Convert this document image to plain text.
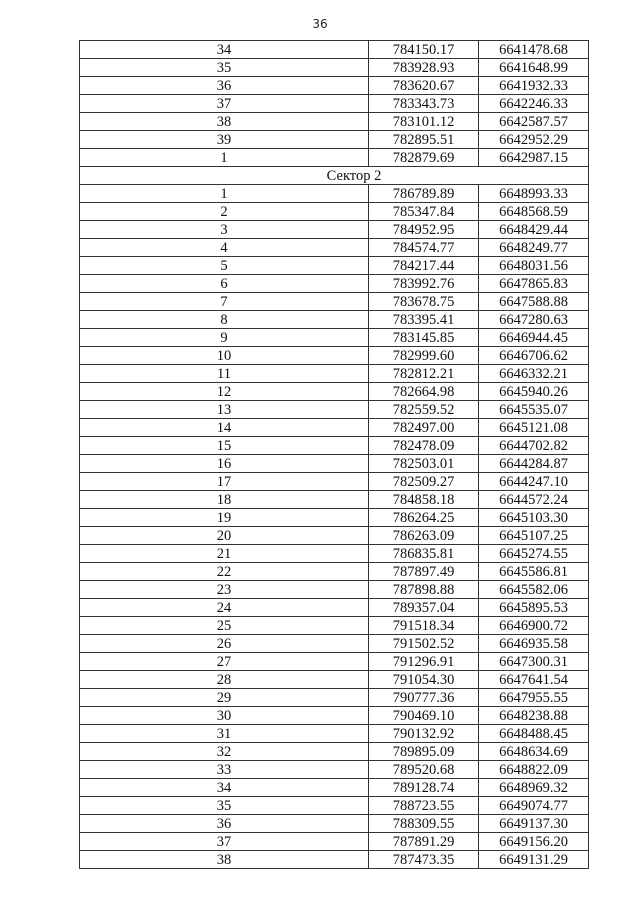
36
34	784150.17	6641478.68
35	783928.93	6641648.99
36	783620.67	6641932.33
37	783343.73	6642246.33
38	783101.12	6642587.57
39	782895.51	6642952.29
1	782879.69	6642987.15
Сектор 2		
1	786789.89	6648993.33
2	785347.84	6648568.59
3	784952.95	6648429.44
4	784574.77	6648249.77
5	784217.44	6648031.56
6	783992.76	6647865.83
7	783678.75	6647588.88
8	783395.41	6647280.63
9	783145.85	6646944.45
10	782999.60	6646706.62
11	782812.21	6646332.21
12	782664.98	6645940.26
13	782559.52	6645535.07
14	782497.00	6645121.08
15	782478.09	6644702.82
16	782503.01	6644284.87
17	782509.27	6644247.10
18	784858.18	6644572.24
19	786264.25	6645103.30
20	786263.09	6645107.25
21	786835.81	6645274.55
22	787897.49	6645586.81
23	787898.88	6645582.06
24	789357.04	6645895.53
25	791518.34	6646900.72
26	791502.52	6646935.58
27	791296.91	6647300.31
28	791054.30	6647641.54
29	790777.36	6647955.55
30	790469.10	6648238.88
31	790132.92	6648488.45
32	789895.09	6648634.69
33	789520.68	6648822.09
34	789128.74	6648969.32
35	788723.55	6649074.77
36	788309.55	6649137.30
37	787891.29	6649156.20
38	787473.35	6649131.29
